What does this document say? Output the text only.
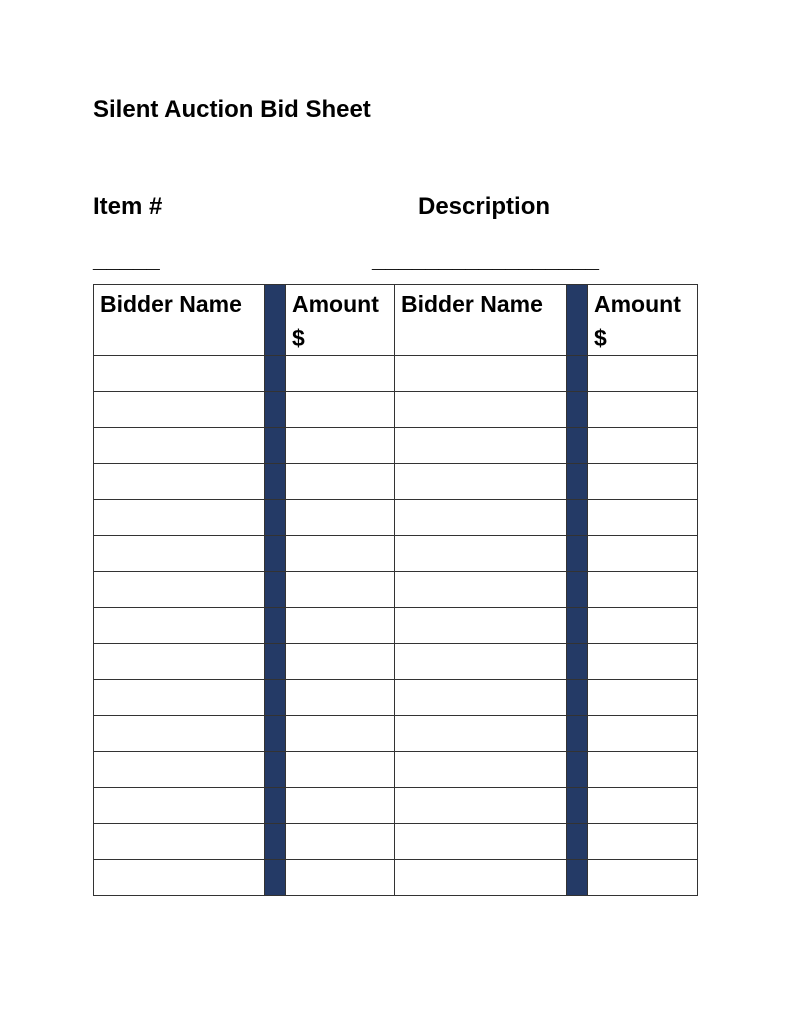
Silent Auction Bid Sheet
Item #	Description
_____	_________________
Bidder Name		Amount $	Bidder Name		Amount $
